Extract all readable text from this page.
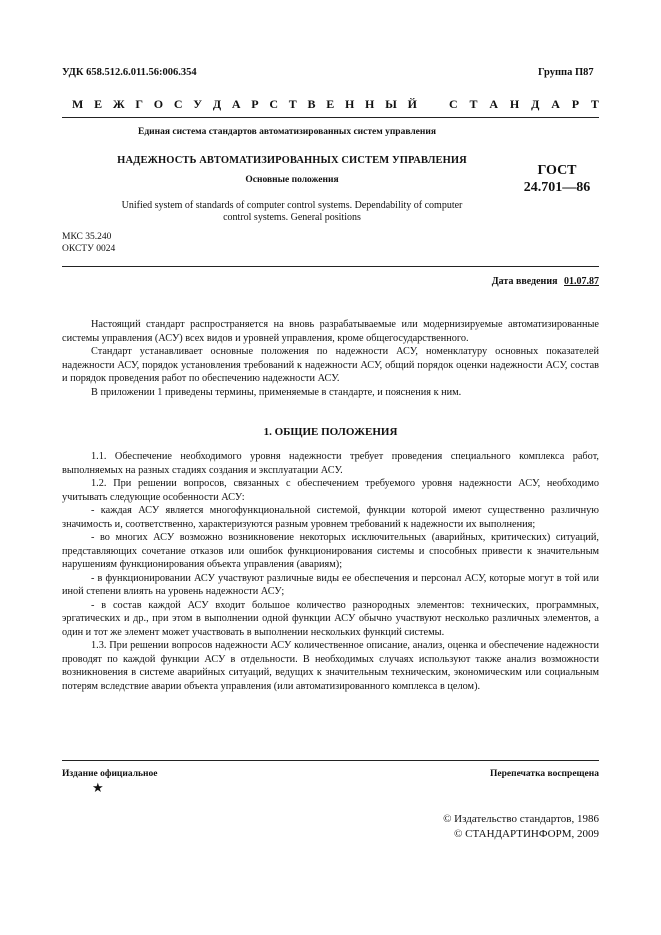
УДК 658.512.6.011.56:006.354	Группа П87
М Е Ж Г О С У Д А Р С Т В Е Н Н Ы Й	С Т А Н Д А Р Т
Единая система стандартов автоматизированных систем управления
НАДЕЖНОСТЬ АВТОМАТИЗИРОВАННЫХ СИСТЕМ УПРАВЛЕНИЯ
Основные положения
ГОСТ
24.701—86
Unified system of standards of computer control systems. Dependability of computer
control systems. General positions
МКС 35.240
ОКСТУ 0024
Дата введения 01.07.87

Настоящий стандарт распространяется на вновь разрабатываемые или модернизируемые автоматизированные системы управления (АСУ) всех видов и уровней управления, кроме общегосударственного.

Стандарт устанавливает основные положения по надежности АСУ, номенклатуру основных показателей надежности АСУ, порядок установления требований к надежности АСУ, общий порядок оценки надежности АСУ, состав и порядок проведения работ по обеспечению надежности АСУ.

В приложении 1 приведены термины, применяемые в стандарте, и пояснения к ним.

1. ОБЩИЕ ПОЛОЖЕНИЯ

1.1. Обеспечение необходимого уровня надежности требует проведения специального комплекса работ, выполняемых на разных стадиях создания и эксплуатации АСУ.

1.2. При решении вопросов, связанных с обеспечением требуемого уровня надежности АСУ, необходимо учитывать следующие особенности АСУ:

- каждая АСУ является многофункциональной системой, функции которой имеют существенно различную значимость и, соответственно, характеризуются разным уровнем требований к надежности их выполнения;

- во многих АСУ возможно возникновение некоторых исключительных (аварийных, критических) ситуаций, представляющих сочетание отказов или ошибок функционирования системы и способных привести к значительным нарушениям функционирования объекта управления (авариям);

- в функционировании АСУ участвуют различные виды ее обеспечения и персонал АСУ, которые могут в той или иной степени влиять на уровень надежности АСУ;

- в состав каждой АСУ входит большое количество разнородных элементов: технических, программных, эргатических и др., при этом в выполнении одной функции АСУ обычно участвуют несколько различных элементов, а один и тот же элемент может участвовать в выполнении нескольких функций системы.

1.3. При решении вопросов надежности АСУ количественное описание, анализ, оценка и обеспечение надежности проводят по каждой функции АСУ в отдельности. В необходимых случаях используют также анализ возможности возникновения в системе аварийных ситуаций, ведущих к значительным техническим, экономическим или социальным потерям вследствие аварии объекта управления (или автоматизированного комплекса в целом).

Издание официальное	Перепечатка воспрещена
★
© Издательство стандартов, 1986
© СТАНДАРТИНФОРМ, 2009
